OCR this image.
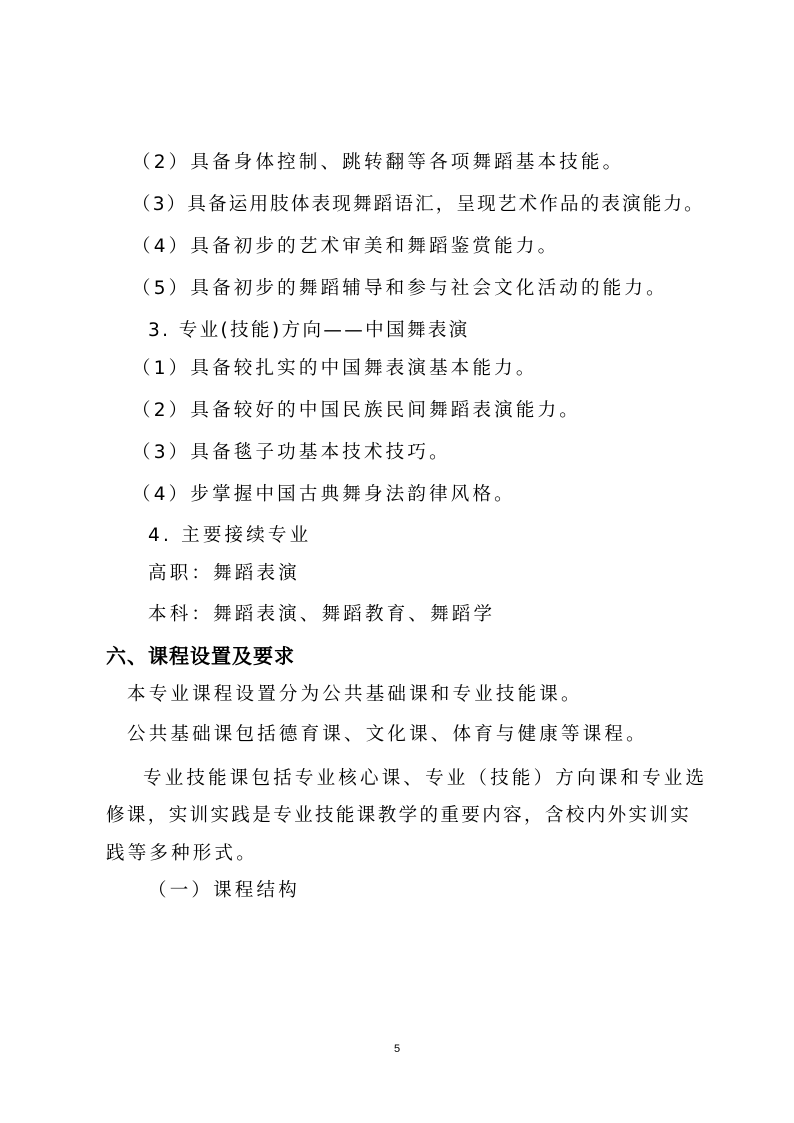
（2）具备身体控制、跳转翻等各项舞蹈基本技能。
（3）具备运用肢体表现舞蹈语汇，呈现艺术作品的表演能力。
（4）具备初步的艺术审美和舞蹈鉴赏能力。
（5）具备初步的舞蹈辅导和参与社会文化活动的能力。
3. 专业(技能)方向——中国舞表演
（1）具备较扎实的中国舞表演基本能力。
（2）具备较好的中国民族民间舞蹈表演能力。
（3）具备毯子功基本技术技巧。
（4）步掌握中国古典舞身法韵律风格。
4. 主要接续专业
高职：舞蹈表演
本科：舞蹈表演、舞蹈教育、舞蹈学
六、课程设置及要求
本专业课程设置分为公共基础课和专业技能课。
公共基础课包括德育课、文化课、体育与健康等课程。
专业技能课包括专业核心课、专业（技能）方向课和专业选
修课，实训实践是专业技能课教学的重要内容，含校内外实训实
践等多种形式。
（一）课程结构
5
